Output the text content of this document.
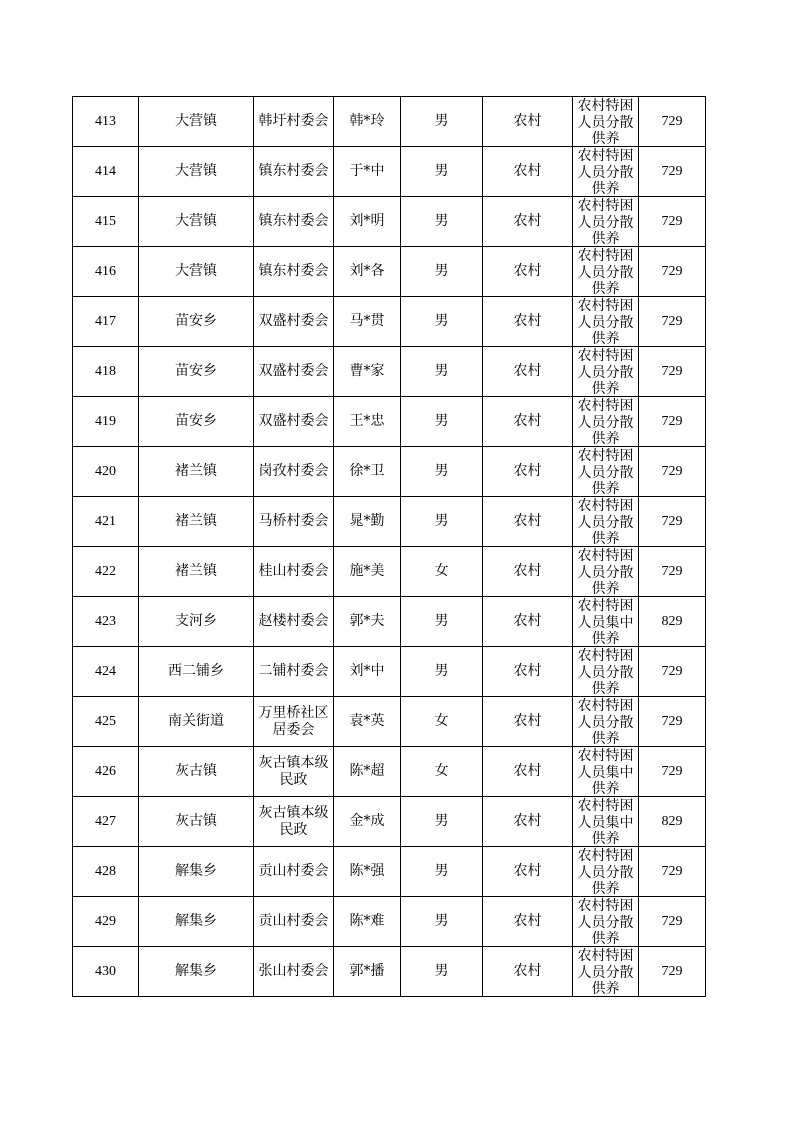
413	大营镇	韩圩村委会	韩*玲	男	农村	农村特困人员分散供养	729
414	大营镇	镇东村委会	于*中	男	农村	农村特困人员分散供养	729
415	大营镇	镇东村委会	刘*明	男	农村	农村特困人员分散供养	729
416	大营镇	镇东村委会	刘*各	男	农村	农村特困人员分散供养	729
417	苗安乡	双盛村委会	马*贯	男	农村	农村特困人员分散供养	729
418	苗安乡	双盛村委会	曹*家	男	农村	农村特困人员分散供养	729
419	苗安乡	双盛村委会	王*忠	男	农村	农村特困人员分散供养	729
420	褚兰镇	岗孜村委会	徐*卫	男	农村	农村特困人员分散供养	729
421	褚兰镇	马桥村委会	晁*勤	男	农村	农村特困人员分散供养	729
422	褚兰镇	桂山村委会	施*美	女	农村	农村特困人员分散供养	729
423	支河乡	赵楼村委会	郭*夫	男	农村	农村特困人员集中供养	829
424	西二铺乡	二铺村委会	刘*中	男	农村	农村特困人员分散供养	729
425	南关街道	万里桥社区居委会	袁*英	女	农村	农村特困人员分散供养	729
426	灰古镇	灰古镇本级民政	陈*超	女	农村	农村特困人员集中供养	729
427	灰古镇	灰古镇本级民政	金*成	男	农村	农村特困人员集中供养	829
428	解集乡	贡山村委会	陈*强	男	农村	农村特困人员分散供养	729
429	解集乡	贡山村委会	陈*难	男	农村	农村特困人员分散供养	729
430	解集乡	张山村委会	郭*播	男	农村	农村特困人员分散供养	729
